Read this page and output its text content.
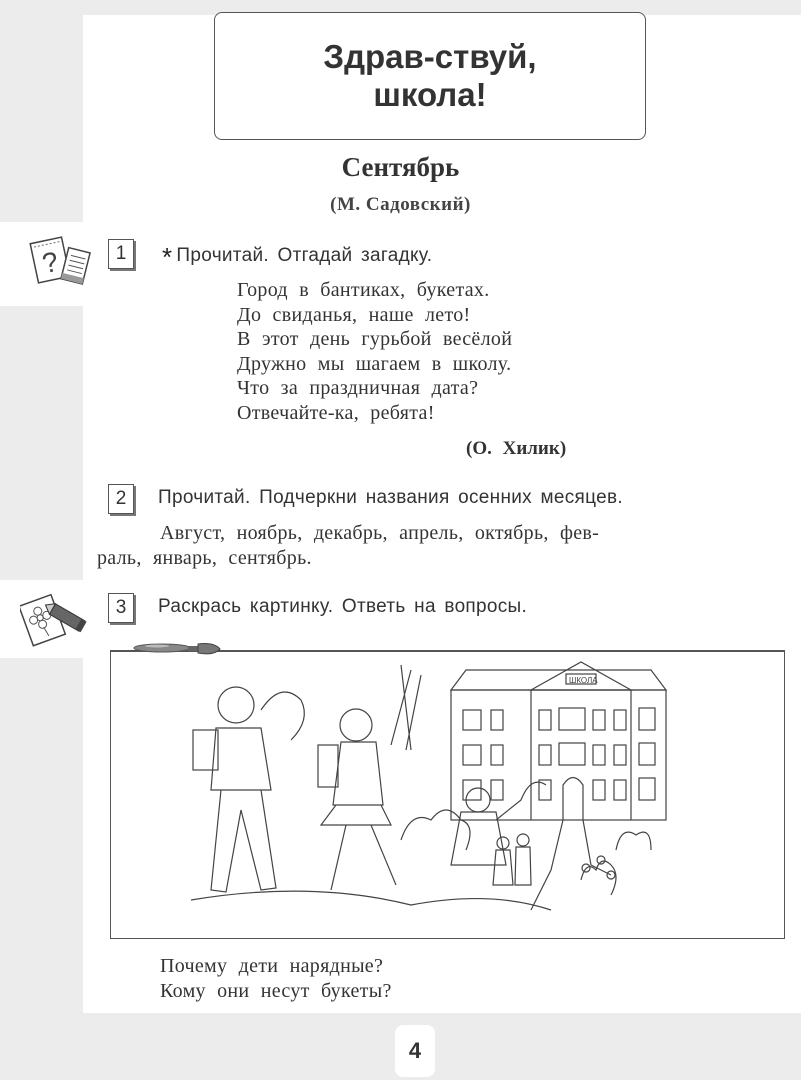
Здрав-ствуй,
школа!
Сентябрь
(М. Садовский)
?	1 * Прочитай. Отгадай загадку.
Город в бантиках, букетах.
До свиданья, наше лето!
В этот день гурьбой весёлой
Дружно мы шагаем в школу.
Что за праздничная дата?
Отвечайте-ка, ребята!
(О. Хилик)
2	Прочитай. Подчеркни названия осенних месяцев.
Август, ноябрь, декабрь, апрель, октябрь, фев-
раль, январь, сентябрь.
3	Раскрась картинку. Ответь на вопросы.
ШКОЛА
Почему дети нарядные?
Кому они несут букеты?
4
